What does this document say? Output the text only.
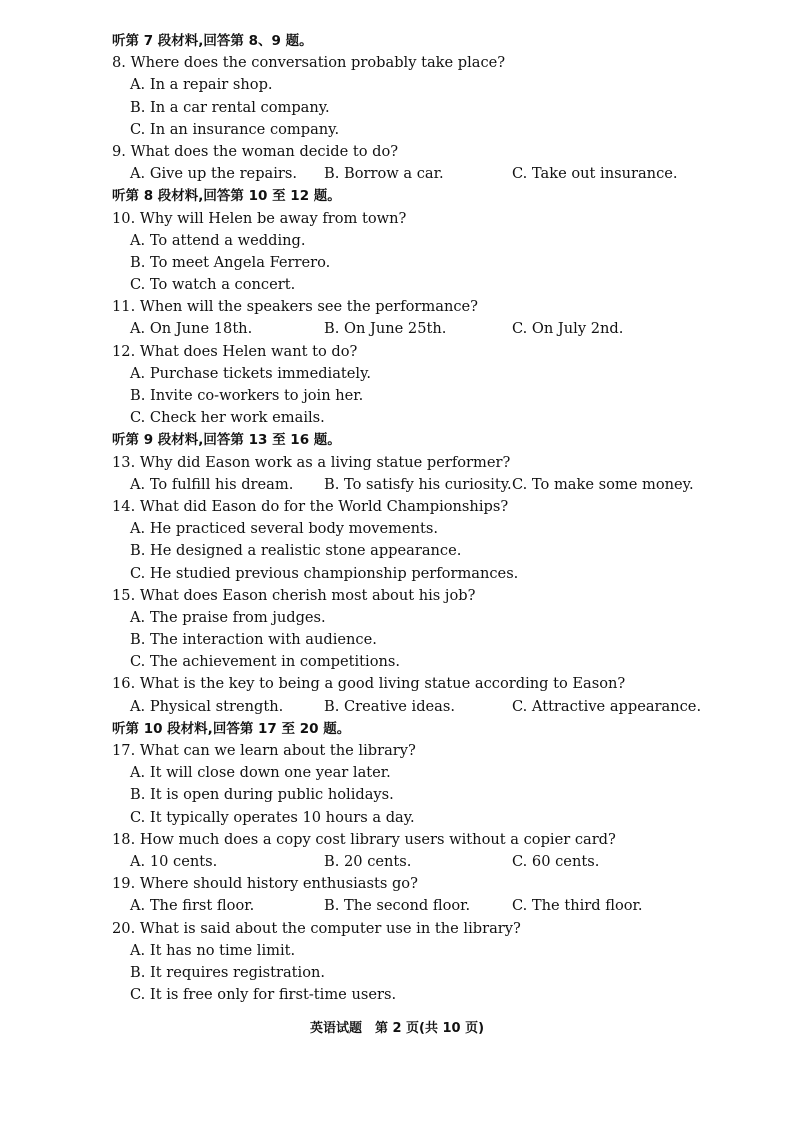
听第 7 段材料,回答第 8、9 题。
8. Where does the conversation probably take place?
A. In a repair shop.
B. In a car rental company.
C. In an insurance company.
9. What does the woman decide to do?
A. Give up the repairs. B. Borrow a car.	C. Take out insurance.
听第 8 段材料,回答第 10 至 12 题。
10. Why will Helen be away from town?
A. To attend a wedding.
B. To meet Angela Ferrero.
C. To watch a concert.
11. When will the speakers see the performance?
A. On June 18th.	B. On June 25th.	C. On July 2nd.
12. What does Helen want to do?
A. Purchase tickets immediately.
B. Invite co-workers to join her.
C. Check her work emails.
听第 9 段材料,回答第 13 至 16 题。
13. Why did Eason work as a living statue performer?
A. To fulfill his dream. B. To satisfy his curiosity. C. To make some money.
14. What did Eason do for the World Championships?
A. He practiced several body movements.
B. He designed a realistic stone appearance.
C. He studied previous championship performances.
15. What does Eason cherish most about his job?
A. The praise from judges.
B. The interaction with audience.
C. The achievement in competitions.
16. What is the key to being a good living statue according to Eason?
A. Physical strength.	B. Creative ideas.	C. Attractive appearance.
听第 10 段材料,回答第 17 至 20 题。
17. What can we learn about the library?
A. It will close down one year later.
B. It is open during public holidays.
C. It typically operates 10 hours a day.
18. How much does a copy cost library users without a copier card?
A. 10 cents.	B. 20 cents.	C. 60 cents.
19. Where should history enthusiasts go?
A. The first floor.	B. The second floor.	C. The third floor.
20. What is said about the computer use in the library?
A. It has no time limit.
B. It requires registration.
C. It is free only for first-time users.
英语试题　第 2 页(共 10 页)
